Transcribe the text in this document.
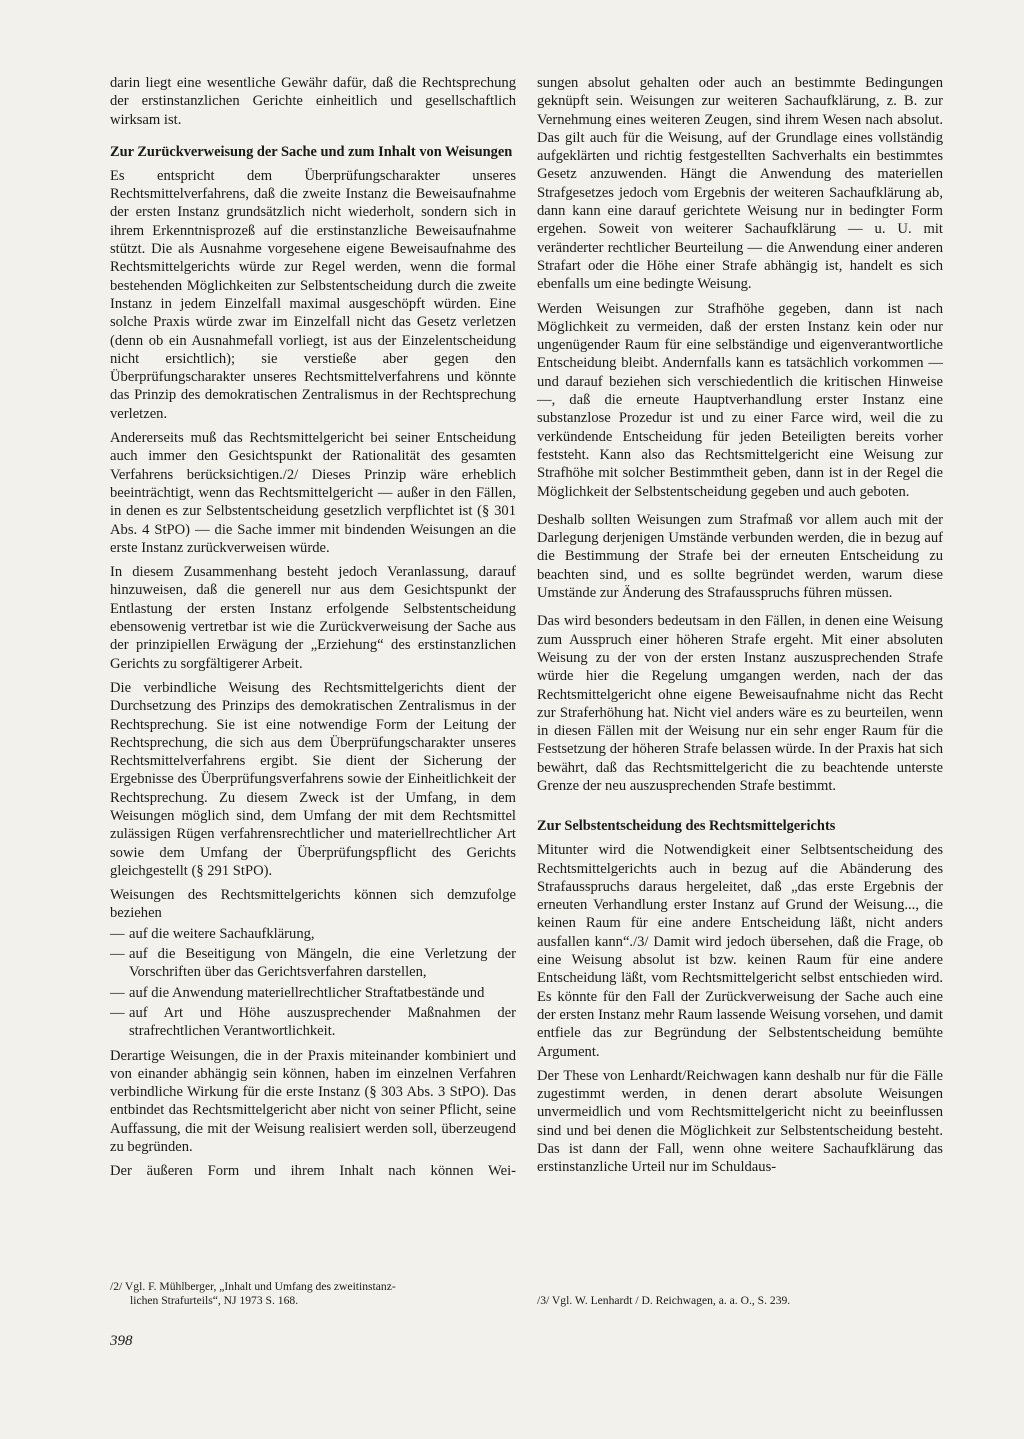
darin liegt eine wesentliche Gewähr dafür, daß die Rechtsprechung der erstinstanzlichen Gerichte einheitlich und gesellschaftlich wirksam ist.

Zur Zurückverweisung der Sache und zum Inhalt von Weisungen

Es entspricht dem Überprüfungscharakter unseres Rechtsmittelverfahrens, daß die zweite Instanz die Beweisaufnahme der ersten Instanz grundsätzlich nicht wiederholt, sondern sich in ihrem Erkenntnisprozeß auf die erstinstanzliche Beweisaufnahme stützt. Die als Ausnahme vorgesehene eigene Beweisaufnahme des Rechtsmittelgerichts würde zur Regel werden, wenn die formal bestehenden Möglichkeiten zur Selbstentscheidung durch die zweite Instanz in jedem Einzelfall maximal ausgeschöpft würden. Eine solche Praxis würde zwar im Einzelfall nicht das Gesetz verletzen (denn ob ein Ausnahmefall vorliegt, ist aus der Einzelentscheidung nicht ersichtlich); sie verstieße aber gegen den Überprüfungscharakter unseres Rechtsmittelverfahrens und könnte das Prinzip des demokratischen Zentralismus in der Rechtsprechung verletzen.

Andererseits muß das Rechtsmittelgericht bei seiner Entscheidung auch immer den Gesichtspunkt der Rationalität des gesamten Verfahrens berücksichtigen./2/ Dieses Prinzip wäre erheblich beeinträchtigt, wenn das Rechtsmittelgericht — außer in den Fällen, in denen es zur Selbstentscheidung gesetzlich verpflichtet ist (§ 301 Abs. 4 StPO) — die Sache immer mit bindenden Weisungen an die erste Instanz zurückverweisen würde.

In diesem Zusammenhang besteht jedoch Veranlassung, darauf hinzuweisen, daß die generell nur aus dem Gesichtspunkt der Entlastung der ersten Instanz erfolgende Selbstentscheidung ebensowenig vertretbar ist wie die Zurückverweisung der Sache aus der prinzipiellen Erwägung der „Erziehung“ des erstinstanzlichen Gerichts zu sorgfältigerer Arbeit.

Die verbindliche Weisung des Rechtsmittelgerichts dient der Durchsetzung des Prinzips des demokratischen Zentralismus in der Rechtsprechung. Sie ist eine notwendige Form der Leitung der Rechtsprechung, die sich aus dem Überprüfungscharakter unseres Rechtsmittelverfahrens ergibt. Sie dient der Sicherung der Ergebnisse des Überprüfungsverfahrens sowie der Einheitlichkeit der Rechtsprechung. Zu diesem Zweck ist der Umfang, in dem Weisungen möglich sind, dem Umfang der mit dem Rechtsmittel zulässigen Rügen verfahrensrechtlicher und materiellrechtlicher Art sowie dem Umfang der Überprüfungspflicht des Gerichts gleichgestellt (§ 291 StPO).

Weisungen des Rechtsmittelgerichts können sich demzufolge beziehen

— auf die weitere Sachaufklärung,
— auf die Beseitigung von Mängeln, die eine Verletzung der Vorschriften über das Gerichtsverfahren darstellen,
— auf die Anwendung materiellrechtlicher Straftatbestände und
— auf Art und Höhe auszusprechender Maßnahmen der strafrechtlichen Verantwortlichkeit.

Derartige Weisungen, die in der Praxis miteinander kombiniert und von einander abhängig sein können, haben im einzelnen Verfahren verbindliche Wirkung für die erste Instanz (§ 303 Abs. 3 StPO). Das entbindet das Rechtsmittelgericht aber nicht von seiner Pflicht, seine Auffassung, die mit der Weisung realisiert werden soll, überzeugend zu begründen.

Der äußeren Form und ihrem Inhalt nach können Wei-

sungen absolut gehalten oder auch an bestimmte Bedingungen geknüpft sein. Weisungen zur weiteren Sachaufklärung, z. B. zur Vernehmung eines weiteren Zeugen, sind ihrem Wesen nach absolut. Das gilt auch für die Weisung, auf der Grundlage eines vollständig aufgeklärten und richtig festgestellten Sachverhalts ein bestimmtes Gesetz anzuwenden. Hängt die Anwendung des materiellen Strafgesetzes jedoch vom Ergebnis der weiteren Sachaufklärung ab, dann kann eine darauf gerichtete Weisung nur in bedingter Form ergehen. Soweit von weiterer Sachaufklärung — u. U. mit veränderter rechtlicher Beurteilung — die Anwendung einer anderen Strafart oder die Höhe einer Strafe abhängig ist, handelt es sich ebenfalls um eine bedingte Weisung.

Werden Weisungen zur Strafhöhe gegeben, dann ist nach Möglichkeit zu vermeiden, daß der ersten Instanz kein oder nur ungenügender Raum für eine selbständige und eigenverantwortliche Entscheidung bleibt. Andernfalls kann es tatsächlich vorkommen — und darauf beziehen sich verschiedentlich die kritischen Hinweise —, daß die erneute Hauptverhandlung erster Instanz eine substanzlose Prozedur ist und zu einer Farce wird, weil die zu verkündende Entscheidung für jeden Beteiligten bereits vorher feststeht. Kann also das Rechtsmittelgericht eine Weisung zur Strafhöhe mit solcher Bestimmtheit geben, dann ist in der Regel die Möglichkeit der Selbstentscheidung gegeben und auch geboten.

Deshalb sollten Weisungen zum Strafmaß vor allem auch mit der Darlegung derjenigen Umstände verbunden werden, die in bezug auf die Bestimmung der Strafe bei der erneuten Entscheidung zu beachten sind, und es sollte begründet werden, warum diese Umstände zur Änderung des Strafausspruchs führen müssen.

Das wird besonders bedeutsam in den Fällen, in denen eine Weisung zum Ausspruch einer höheren Strafe ergeht. Mit einer absoluten Weisung zu der von der ersten Instanz auszusprechenden Strafe würde hier die Regelung umgangen werden, nach der das Rechtsmittelgericht ohne eigene Beweisaufnahme nicht das Recht zur Straferhöhung hat. Nicht viel anders wäre es zu beurteilen, wenn in diesen Fällen mit der Weisung nur ein sehr enger Raum für die Festsetzung der höheren Strafe belassen würde. In der Praxis hat sich bewährt, daß das Rechtsmittelgericht die zu beachtende unterste Grenze der neu auszusprechenden Strafe bestimmt.

Zur Selbstentscheidung des Rechtsmittelgerichts

Mitunter wird die Notwendigkeit einer Selbtsentscheidung des Rechtsmittelgerichts auch in bezug auf die Abänderung des Strafausspruchs daraus hergeleitet, daß „das erste Ergebnis der erneuten Verhandlung erster Instanz auf Grund der Weisung..., die keinen Raum für eine andere Entscheidung läßt, nicht anders ausfallen kann“./3/ Damit wird jedoch übersehen, daß die Frage, ob eine Weisung absolut ist bzw. keinen Raum für eine andere Entscheidung läßt, vom Rechtsmittelgericht selbst entschieden wird. Es könnte für den Fall der Zurückverweisung der Sache auch eine der ersten Instanz mehr Raum lassende Weisung vorsehen, und damit entfiele das zur Begründung der Selbstentscheidung bemühte Argument.

Der These von Lenhardt/Reichwagen kann deshalb nur für die Fälle zugestimmt werden, in denen derart absolute Weisungen unvermeidlich und vom Rechtsmittelgericht nicht zu beeinflussen sind und bei denen die Möglichkeit zur Selbstentscheidung besteht. Das ist dann der Fall, wenn ohne weitere Sachaufklärung das erstinstanzliche Urteil nur im Schuldaus-

/2/ Vgl. F. Mühlberger, „Inhalt und Umfang des zweitinstanz-
lichen Strafurteils“, NJ 1973 S. 168.	/3/ Vgl. W. Lenhardt / D. Reichwagen, a. a. O., S. 239.
398
